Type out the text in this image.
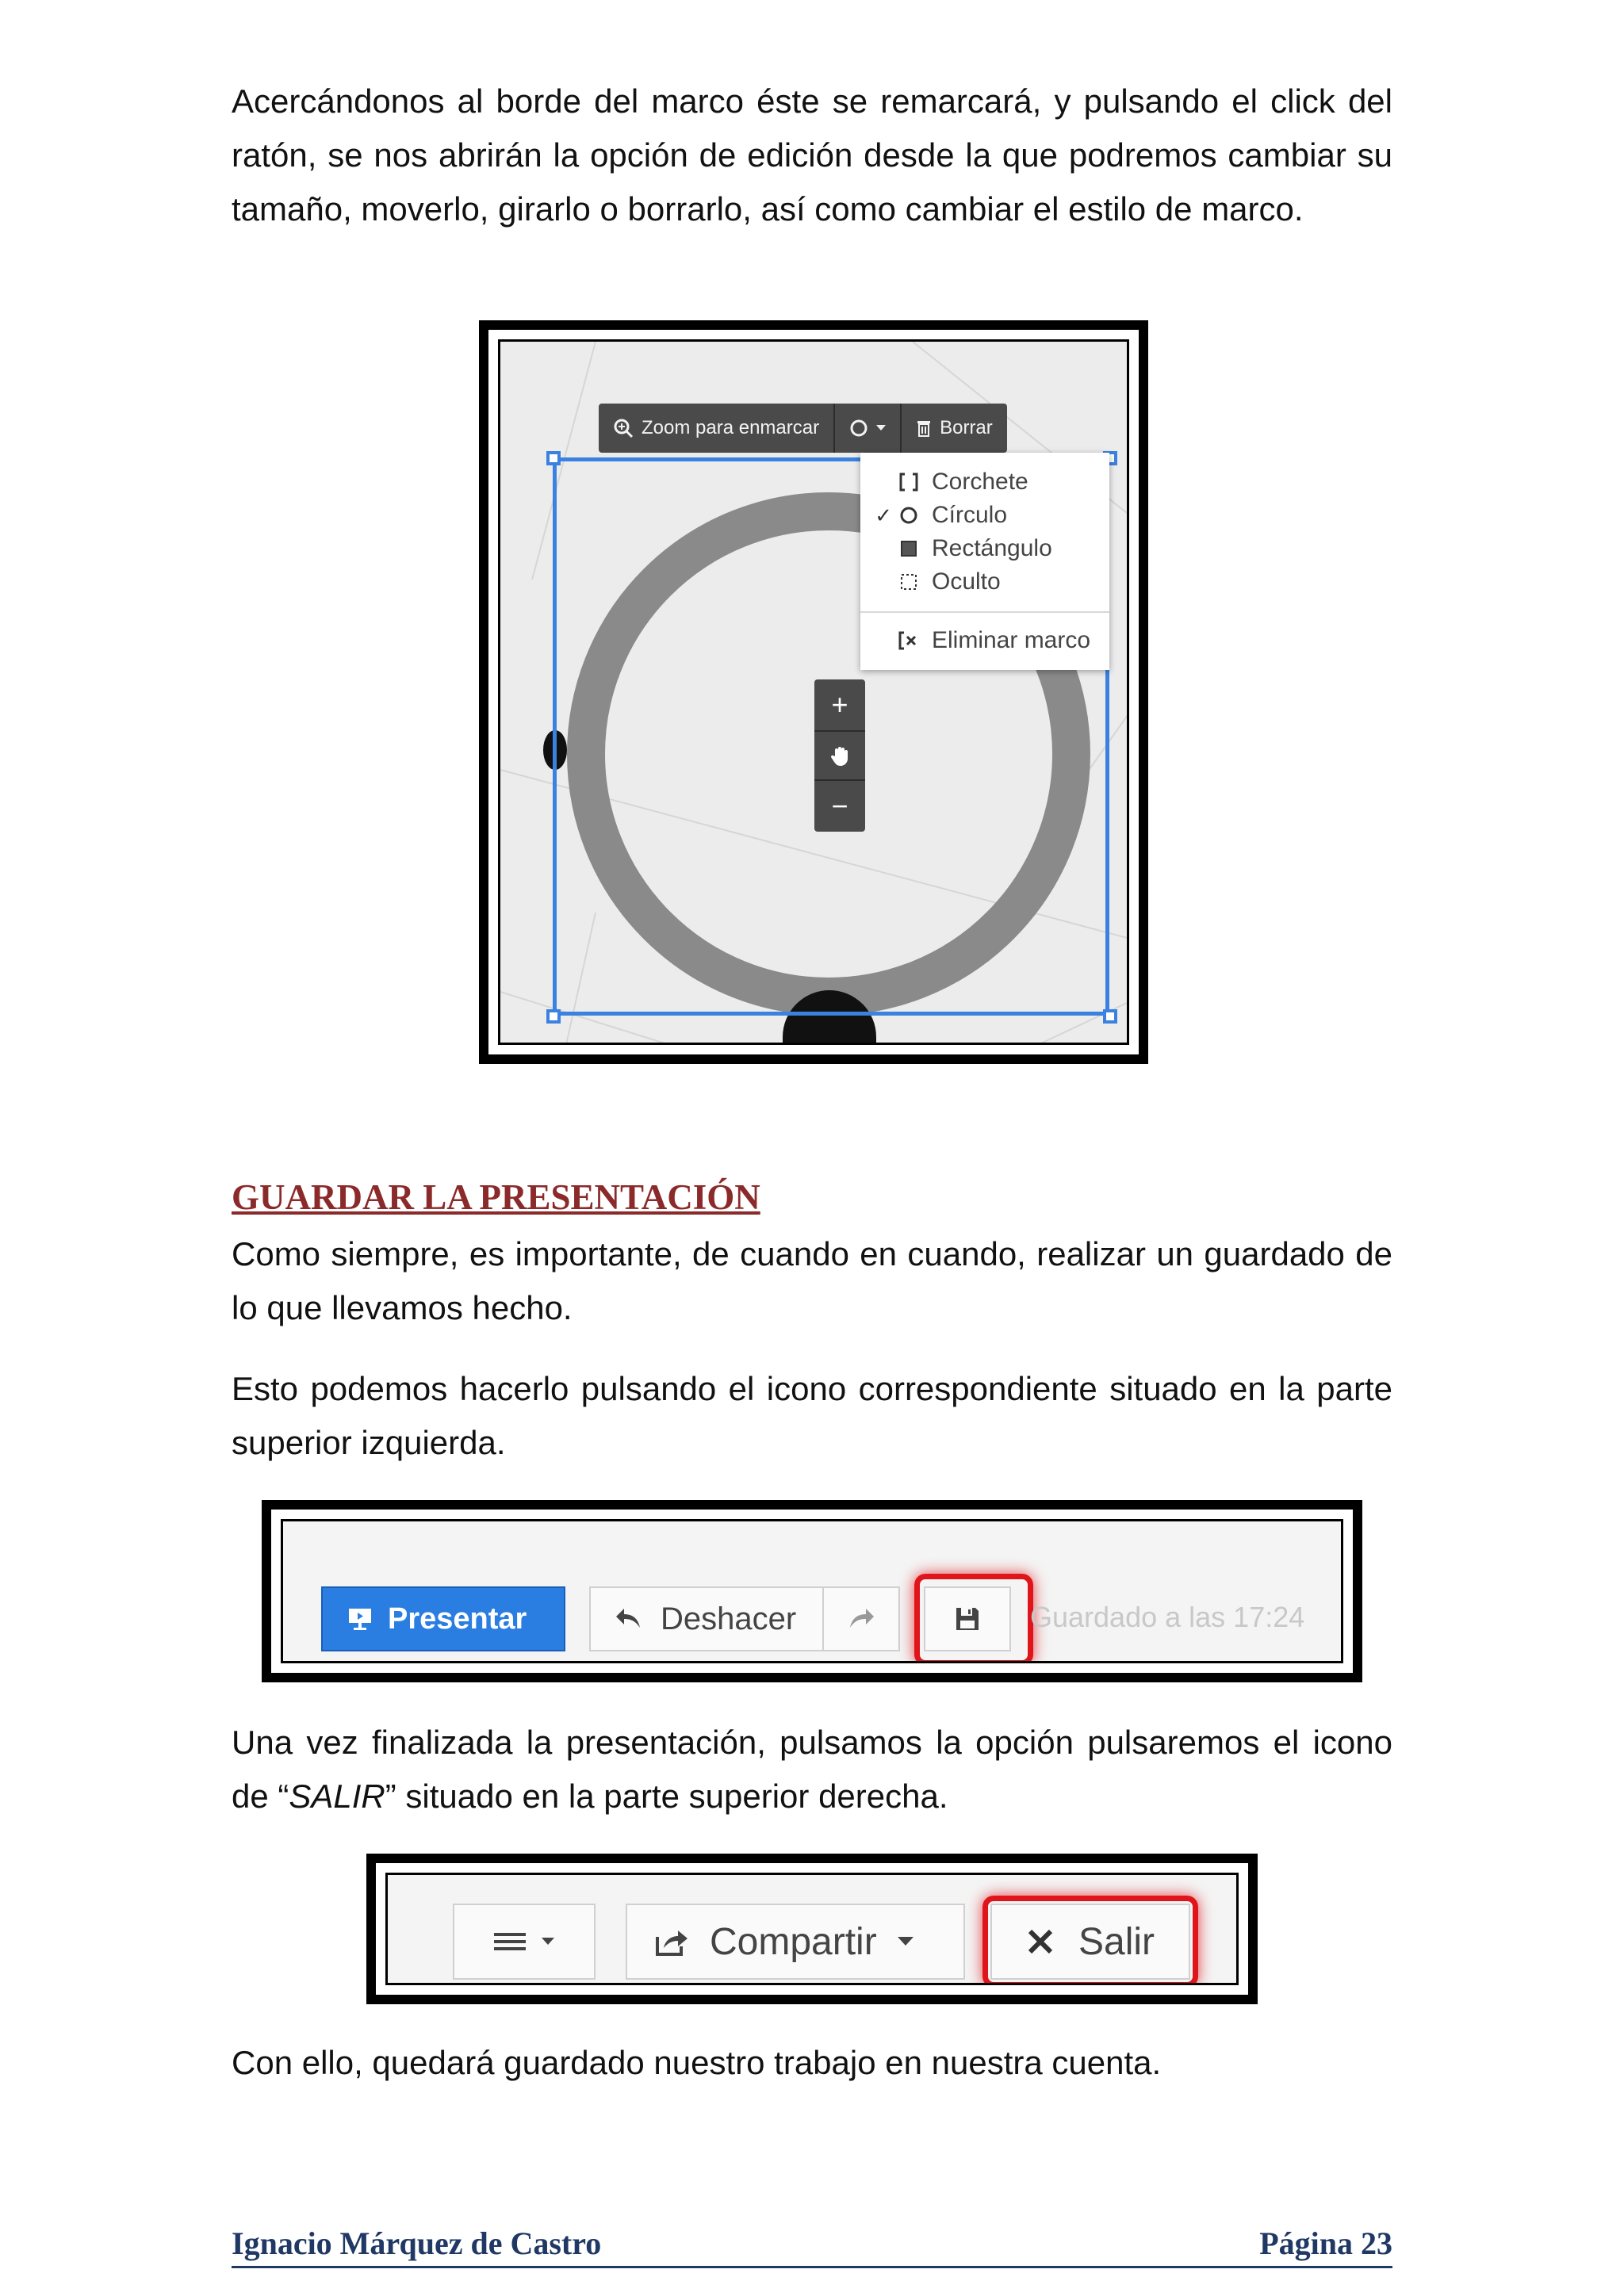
Acercándonos al borde del marco éste se remarcará, y pulsando el click del ratón, se nos abrirán la opción de edición desde la que podremos cambiar su tamaño, moverlo, girarlo o borrarlo, así como cambiar el estilo de marco.

Zoom para enmarcar	Borrar
Corchete
✓ Círculo
Rectángulo
Oculto
Eliminar marco
+
−
GUARDAR LA PRESENTACIÓN

Como siempre, es importante, de cuando en cuando, realizar un guardado de lo que llevamos hecho.

Esto podemos hacerlo pulsando el icono correspondiente situado en la parte superior izquierda.

Presentar	Deshacer	Guardado a las 17:24

Una vez finalizada la presentación, pulsamos la opción pulsaremos el icono de “SALIR” situado en la parte superior derecha.

Compartir	Salir

Con ello, quedará guardado nuestro trabajo en nuestra cuenta.

Ignacio Márquez de Castro	Página 23
